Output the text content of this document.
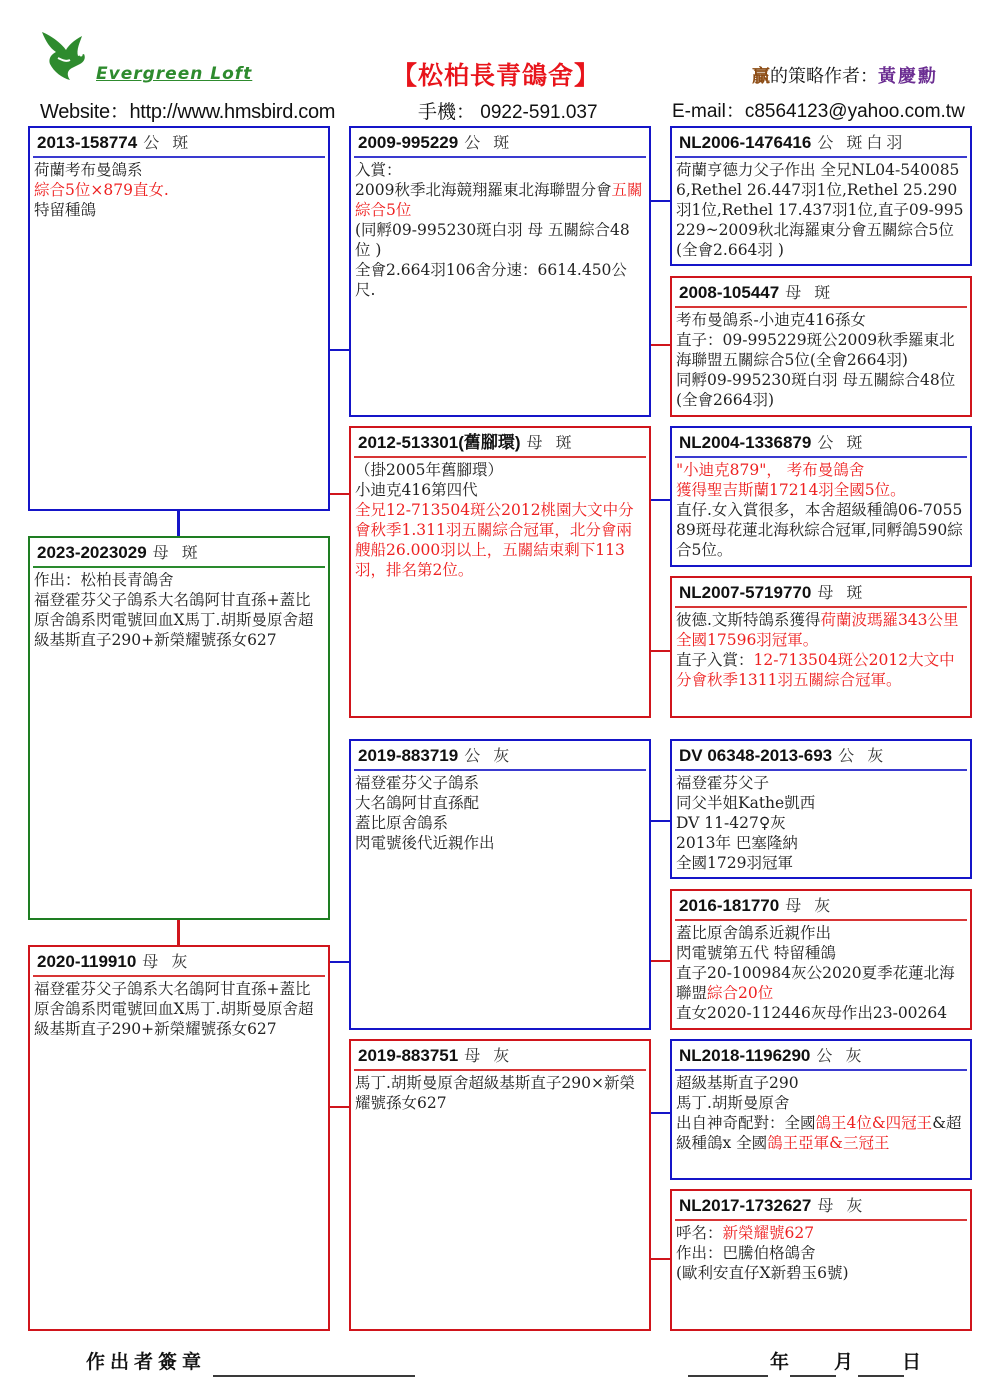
Evergreen Loft
Website：http://www.hmsbird.com
【松柏長青鴿舍】
手機： 0922-591.037
贏的策略作者：黃慶勳
E-mail：c8564123@yahoo.com.tw
2013-158774 公 斑
荷蘭考布曼鴿系
綜合5位×879直女.
特留種鴿
2023-2023029 母 斑
作出：松柏長青鴿舍
福登霍芬父子鴿系大名鴿阿甘直孫+蓋比原舍鴿系閃電號回血X馬丁.胡斯曼原舍超級基斯直子290+新榮耀號孫女627
2020-119910 母 灰
福登霍芬父子鴿系大名鴿阿甘直孫+蓋比原舍鴿系閃電號回血X馬丁.胡斯曼原舍超級基斯直子290+新榮耀號孫女627
2009-995229 公 斑
入賞：
2009秋季北海競翔羅東北海聯盟分會五關綜合5位
(同孵09-995230斑白羽 母 五關綜合48位 )
全會2.664羽106舍分速：6614.450公尺.
2012-513301(舊腳環) 母 斑
（掛2005年舊腳環）
小迪克416第四代
全兄12-713504斑公2012桃園大文中分會秋季1.311羽五關綜合冠軍，北分會兩艘船26.000羽以上，五關結束剩下113羽，排名第2位。
2019-883719 公 灰
福登霍芬父子鴿系
大名鴿阿甘直孫配
蓋比原舍鴿系
閃電號後代近親作出
2019-883751 母 灰
馬丁.胡斯曼原舍超級基斯直子290×新榮耀號孫女627
NL2006-1476416 公 斑白羽
荷蘭亨德力父子作出 全兄NL04-5400856,Rethel 26.447羽1位,Rethel 25.290羽1位,Rethel 17.437羽1位,直子09-995229~2009秋北海羅東分會五關綜合5位 (全會2.664羽 )
2008-105447 母 斑
考布曼鴿系-小迪克416孫女
直子：09-995229斑公2009秋季羅東北海聯盟五關綜合5位(全會2664羽)
同孵09-995230斑白羽 母五關綜合48位(全會2664羽)
NL2004-1336879 公 斑
"小迪克879"， 考布曼鴿舍
獲得聖吉斯蘭17214羽全國5位。
直仔.女入賞很多，本舍超級種鴿06-705589斑母花蓮北海秋綜合冠軍,同孵鴿590綜合5位。
NL2007-5719770 母 斑
彼德.文斯特鴿系獲得荷蘭波瑪羅343公里全國17596羽冠軍。
直子入賞：12-713504斑公2012大文中分會秋季1311羽五關綜合冠軍。
DV 06348-2013-693 公 灰
福登霍芬父子
同父半姐Kathe凱西
DV 11-427♀灰
2013年 巴塞隆納
全國1729羽冠軍
2016-181770 母 灰
蓋比原舍鴿系近親作出
閃電號第五代 特留種鴿
直子20-100984灰公2020夏季花蓮北海聯盟綜合20位
直女2020-112446灰母作出23-00264
NL2018-1196290 公 灰
超級基斯直子290
馬丁.胡斯曼原舍
出自神奇配對：全國鴿王4位&四冠王&超級種鴿x 全國鴿王亞軍&三冠王
NL2017-1732627 母 灰
呼名：新榮耀號627
作出：巴騰伯格鴿舍
(歐利安直仔X新碧玉6號)
作出者簽章	年 月 日
